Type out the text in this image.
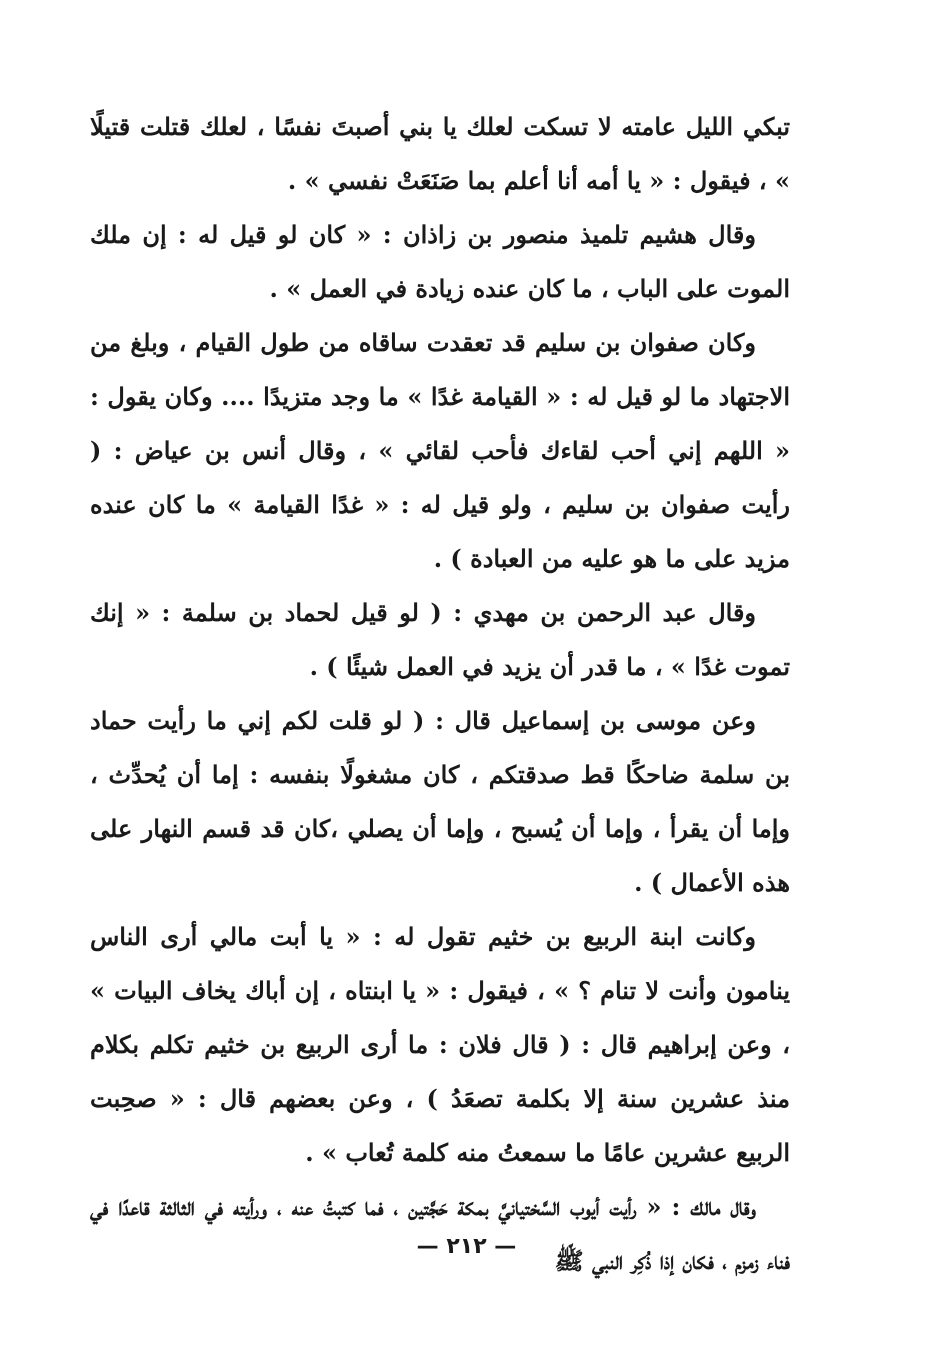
تبكي الليل عامته لا تسكت لعلك يا بني أصبتَ نفسًا ، لعلك قتلت قتيلًا » ، فيقول : « يا أمه أنا أعلم بما صَنَعَتْ نفسي » .

وقال هشيم تلميذ منصور بن زاذان : « كان لو قيل له : إن ملك الموت على الباب ، ما كان عنده زيادة في العمل » .

وكان صفوان بن سليم قد تعقدت ساقاه من طول القيام ، وبلغ من الاجتهاد ما لو قيل له : « القيامة غدًا » ما وجد متزيدًا .... وكان يقول : « اللهم إني أحب لقاءك فأحب لقائي » ، وقال أنس بن عياض : ( رأيت صفوان بن سليم ، ولو قيل له : « غدًا القيامة » ما كان عنده مزيد على ما هو عليه من العبادة ) .

وقال عبد الرحمن بن مهدي : ( لو قيل لحماد بن سلمة : « إنك تموت غدًا » ، ما قدر أن يزيد في العمل شيئًا ) .

وعن موسى بن إسماعيل قال : ( لو قلت لكم إني ما رأيت حماد بن سلمة ضاحكًا قط صدقتكم ، كان مشغولًا بنفسه : إما أن يُحدِّث ، وإما أن يقرأ ، وإما أن يُسبح ، وإما أن يصلي ،كان قد قسم النهار على هذه الأعمال ) .

وكانت ابنة الربيع بن خثيم تقول له : « يا أبت مالي أرى الناس ينامون وأنت لا تنام ؟ » ، فيقول : « يا ابنتاه ، إن أباك يخاف البيات » ، وعن إبراهيم قال : ( قال فلان : ما أرى الربيع بن خثيم تكلم بكلام منذ عشرين سنة إلا بكلمة تصعَدُ ) ، وعن بعضهم قال : « صحِبت الربيع عشرين عامًا ما سمعتُ منه كلمة تُعاب » .

وقال مالك : « رأيت أيوب السَّختيانيَّ بمكة حَجَّتين ، فما كتبتُ عنه ، ورأيته في الثالثة قاعدًا في فناء زمزم ، فكان إذا ذُكِر النبي ﷺ

— ٢١٢ —
